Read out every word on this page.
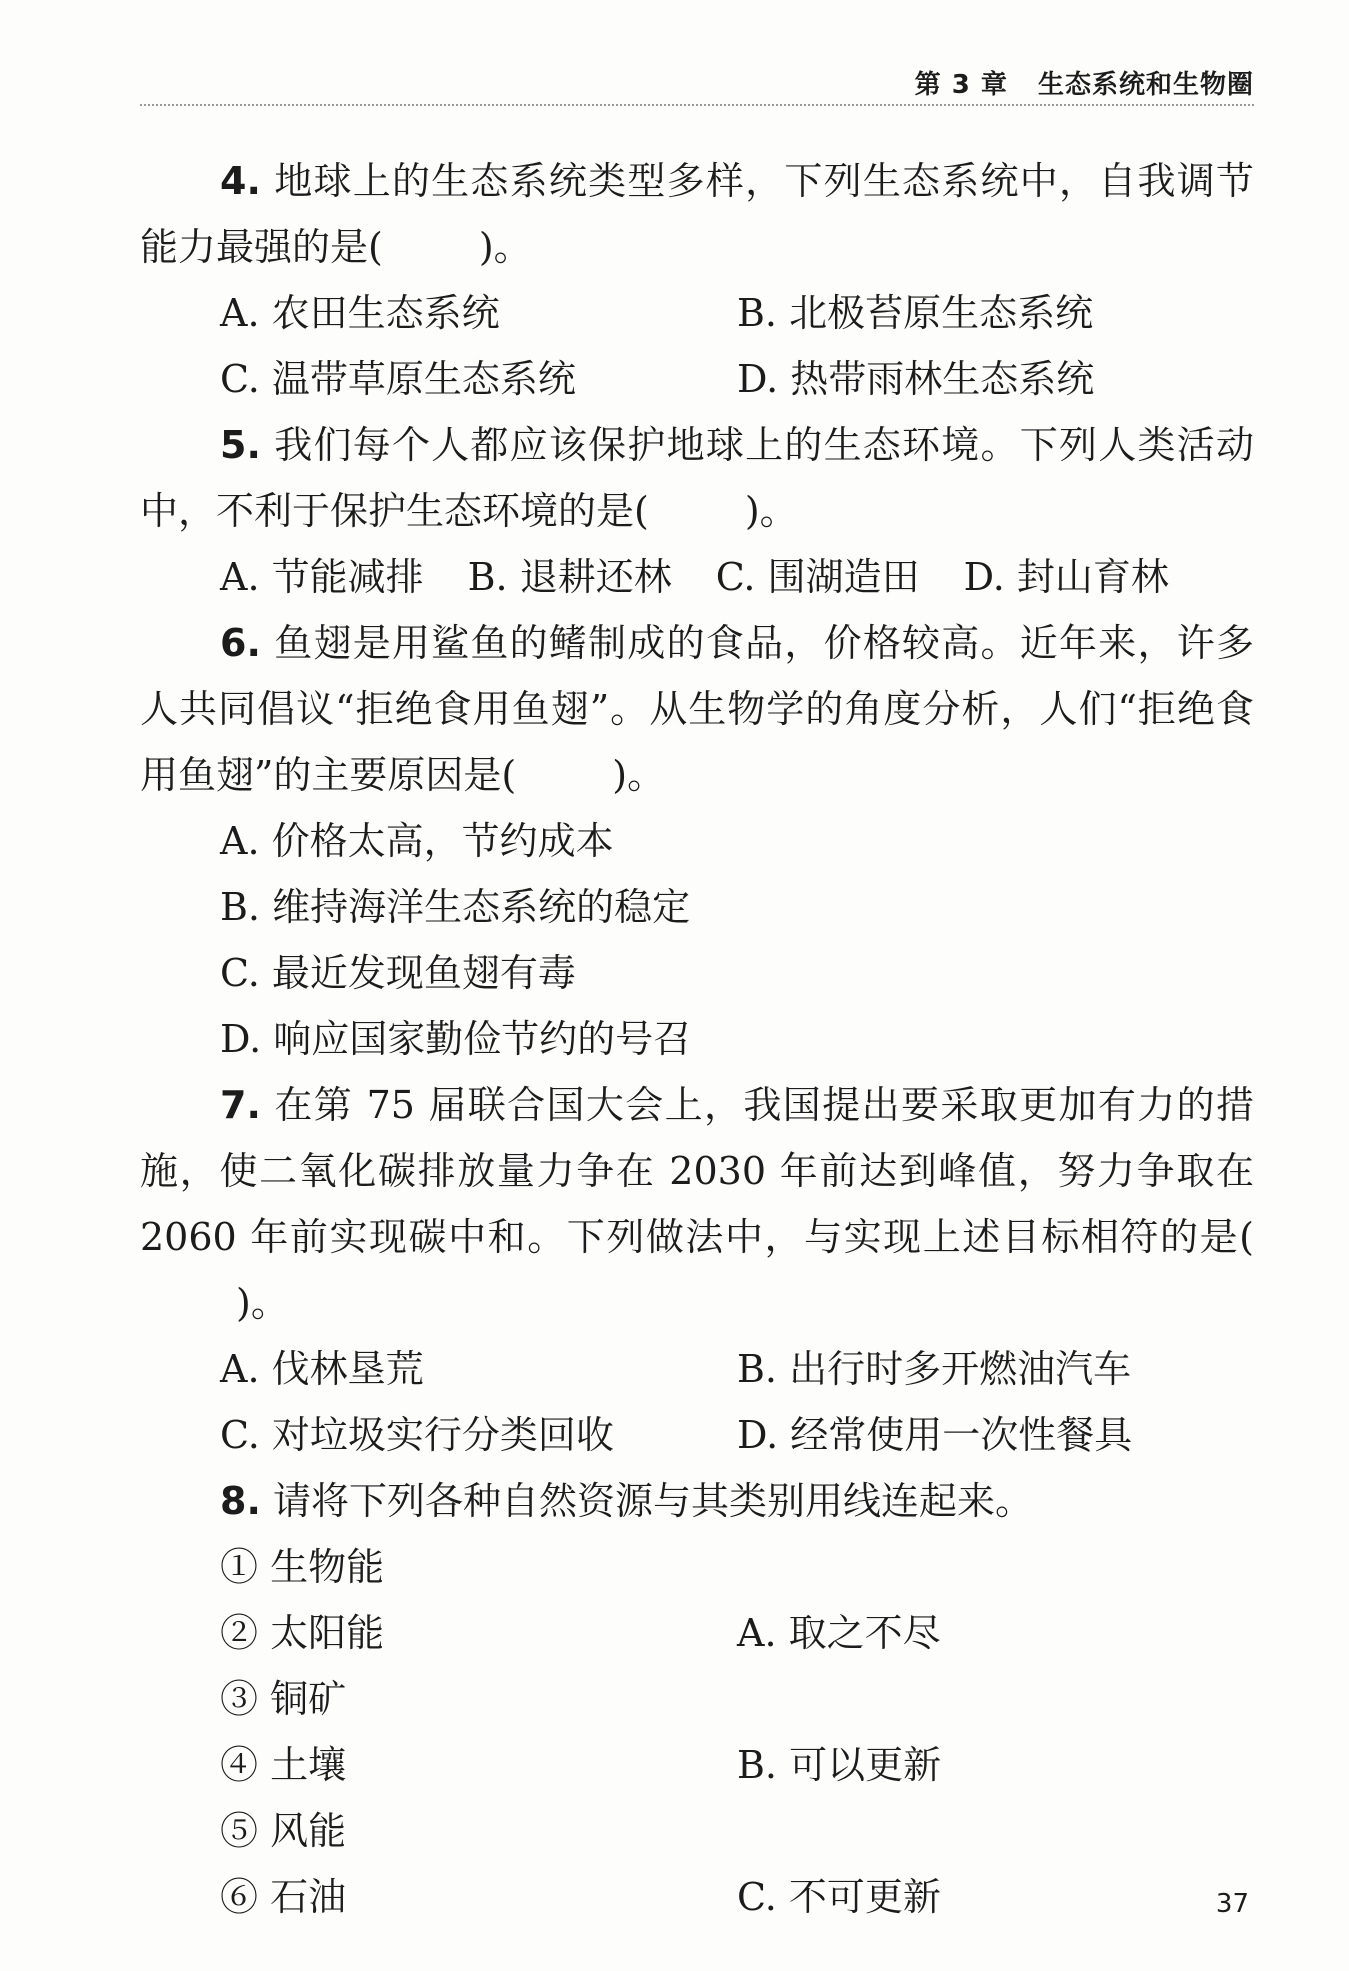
第 3 章   生态系统和生物圈

4. 地球上的生态系统类型多样，下列生态系统中，自我调节能力最强的是(	)。

A. 农田生态系统	B. 北极苔原生态系统
C. 温带草原生态系统	D. 热带雨林生态系统

5. 我们每个人都应该保护地球上的生态环境。下列人类活动中，不利于保护生态环境的是(	)。

A. 节能减排 B. 退耕还林 C. 围湖造田 D. 封山育林

6. 鱼翅是用鲨鱼的鳍制成的食品，价格较高。近年来，许多人共同倡议“拒绝食用鱼翅”。从生物学的角度分析，人们“拒绝食用鱼翅”的主要原因是(	)。

A. 价格太高，节约成本
B. 维持海洋生态系统的稳定
C. 最近发现鱼翅有毒
D. 响应国家勤俭节约的号召

7. 在第 75 届联合国大会上，我国提出要采取更加有力的措施，使二氧化碳排放量力争在 2030 年前达到峰值，努力争取在 2060 年前实现碳中和。下列做法中，与实现上述目标相符的是()。

A. 伐林垦荒	B. 出行时多开燃油汽车
C. 对垃圾实行分类回收	D. 经常使用一次性餐具

8. 请将下列各种自然资源与其类别用线连起来。

① 生物能
② 太阳能	A. 取之不尽
③ 铜矿
④ 土壤	B. 可以更新
⑤ 风能
⑥ 石油	C. 不可更新	37
